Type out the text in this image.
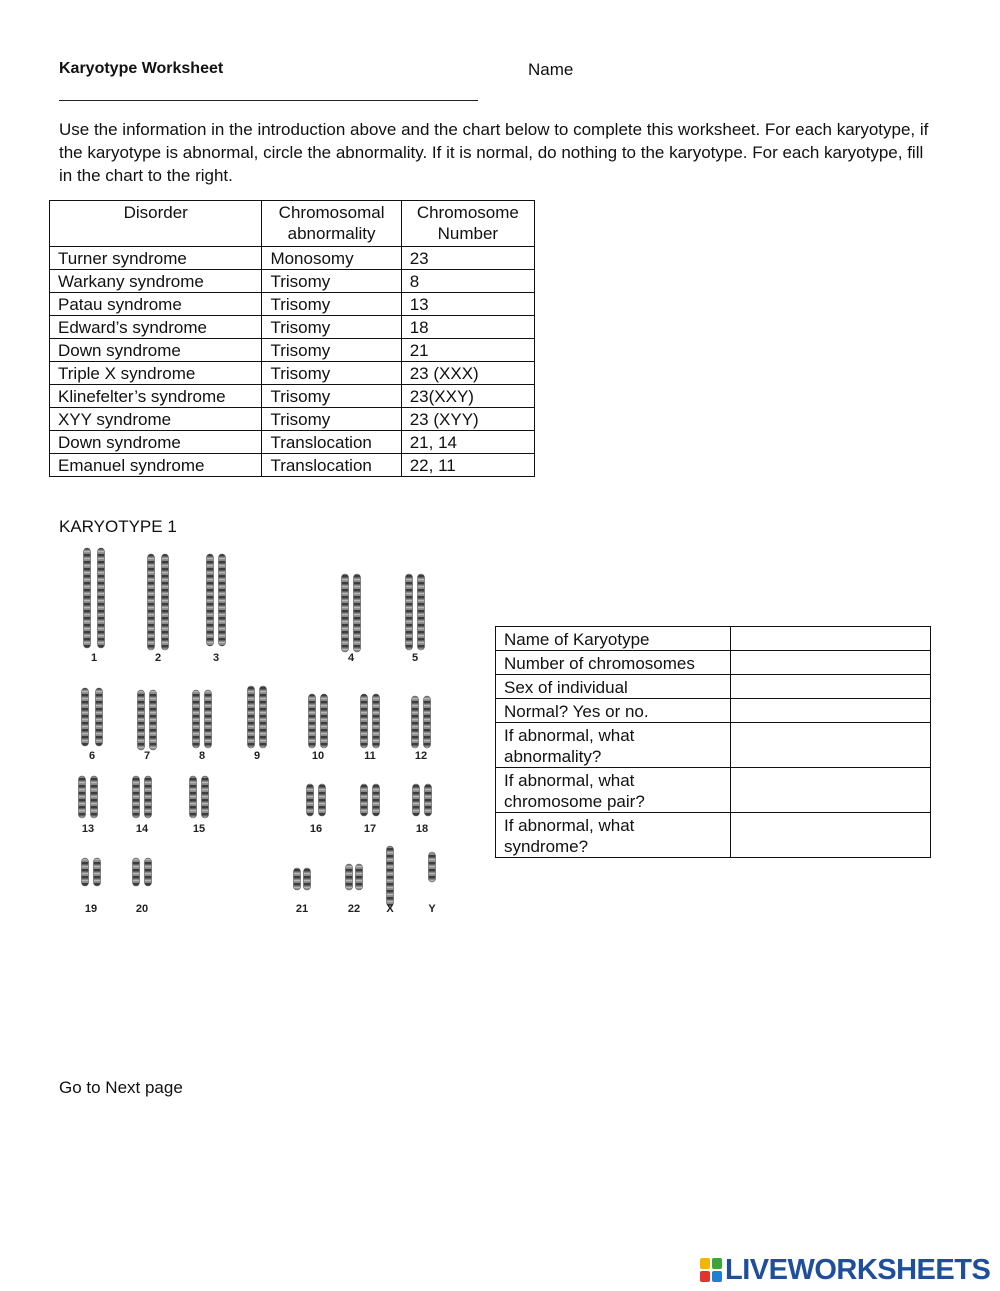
Karyotype Worksheet	Name
Use the information in the introduction above and the chart below to complete this worksheet. For each karyotype, if the karyotype is abnormal, circle the abnormality. If it is normal, do nothing to the karyotype. For each karyotype, fill in the chart to the right.
Disorder	Chromosomal abnormality	Chromosome Number
Turner syndrome	Monosomy	23
Warkany syndrome	Trisomy	8
Patau syndrome	Trisomy	13
Edward’s syndrome	Trisomy	18
Down syndrome	Trisomy	21
Triple X syndrome	Trisomy	23 (XXX)
Klinefelter’s syndrome	Trisomy	23(XXY)
XYY syndrome	Trisomy	23 (XYY)
Down syndrome	Translocation	21, 14
Emanuel syndrome	Translocation	22, 11
KARYOTYPE 1
1	2	3	4	5
6	7	8	9	10	11	12
13	14	15	16	17	18
19	20	21	22 X	Y
Name of Karyotype	
Number of chromosomes	
Sex of individual	
Normal? Yes or no.	
If abnormal, what abnormality?	
If abnormal, what chromosome pair?	
If abnormal, what syndrome?	
Go to Next page
LIVEWORKSHEETS
